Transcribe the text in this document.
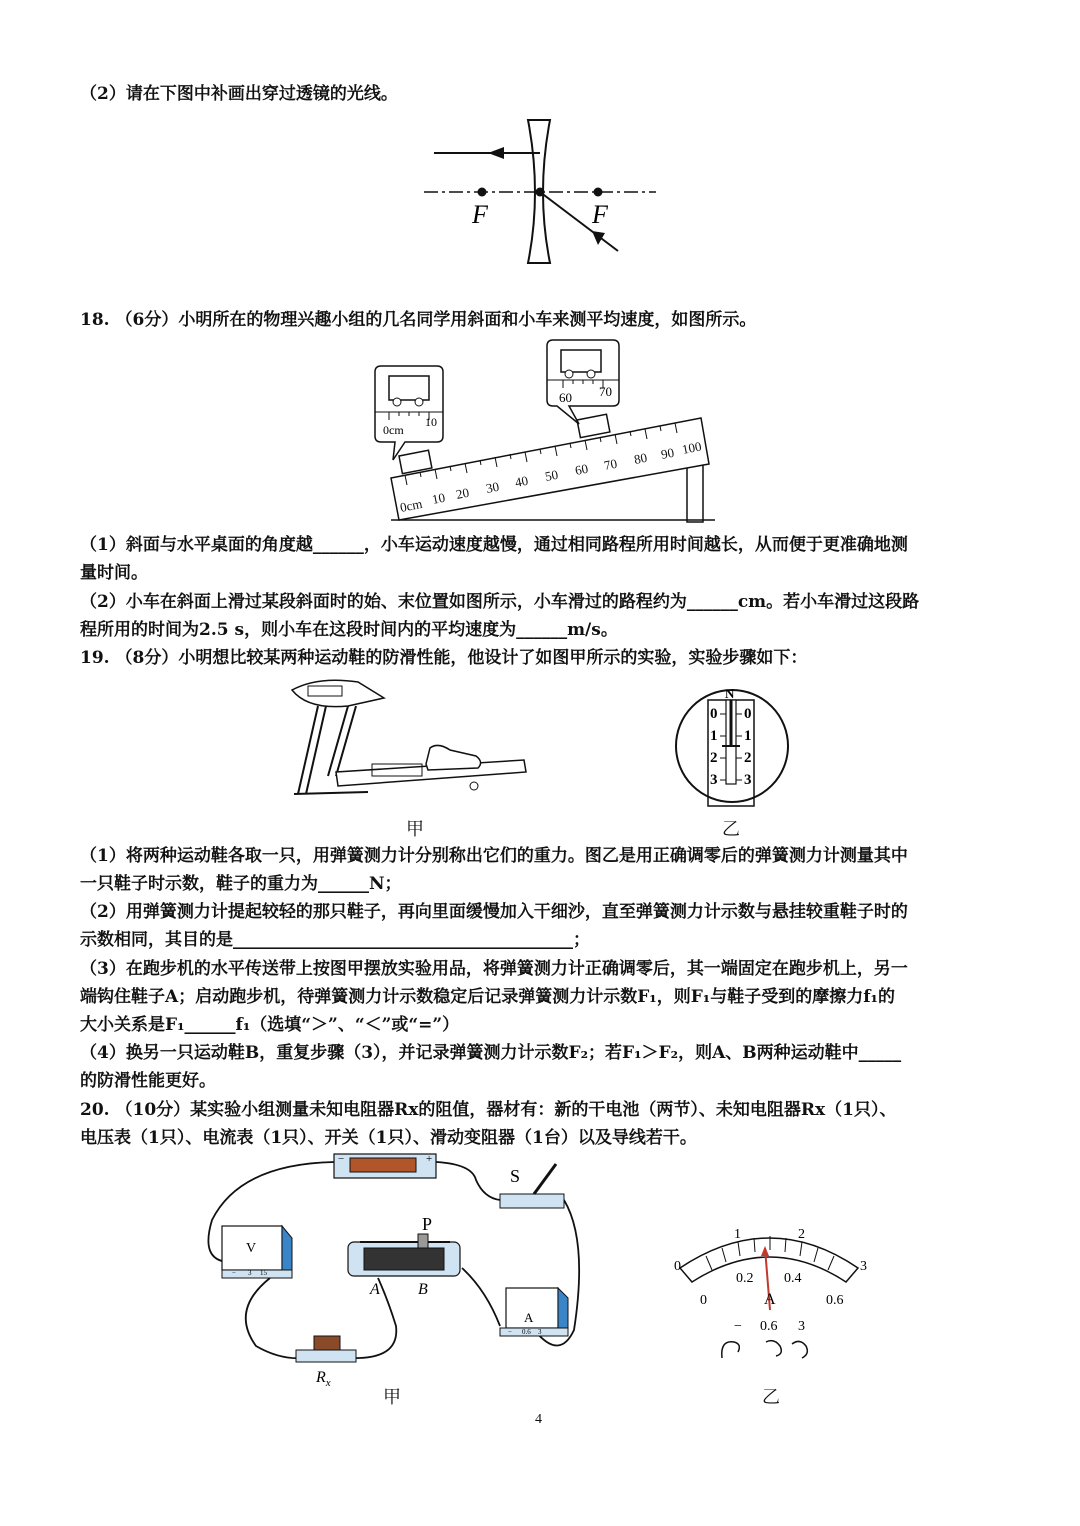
（2）请在下图中补画出穿过透镜的光线。
F	F
18. （6分）小明所在的物理兴趣小组的几名同学用斜面和小车来测平均速度，如图所示。
0cm 10 20 30 40 50 60 70 80 90 100
0cm
10
60 70
（1）斜面与水平桌面的角度越______，小车运动速度越慢，通过相同路程所用时间越长，从而便于更准确地测
量时间。
（2）小车在斜面上滑过某段斜面时的始、末位置如图所示，小车滑过的路程约为______cm。若小车滑过这段路
程所用的时间为2.5 s，则小车在这段时间内的平均速度为______m/s。
19. （8分）小明想比较某两种运动鞋的防滑性能，他设计了如图甲所示的实验，实验步骤如下：
N
0
1
2
3
0
1
2
3
甲	乙
（1）将两种运动鞋各取一只，用弹簧测力计分别称出它们的重力。图乙是用正确调零后的弹簧测力计测量其中
一只鞋子时示数，鞋子的重力为______N；
（2）用弹簧测力计提起较轻的那只鞋子，再向里面缓慢加入干细沙，直至弹簧测力计示数与悬挂较重鞋子时的
示数相同，其目的是________________________________________；
（3）在跑步机的水平传送带上按图甲摆放实验用品，将弹簧测力计正确调零后，其一端固定在跑步机上，另一
端钩住鞋子A；启动跑步机，待弹簧测力计示数稳定后记录弹簧测力计示数F₁，则F₁与鞋子受到的摩擦力f₁的
大小关系是F₁______f₁（选填“＞”、“＜”或“=”）
（4）换另一只运动鞋B，重复步骤（3），并记录弹簧测力计示数F₂；若F₁＞F₂，则A、B两种运动鞋中_____
的防滑性能更好。
20. （10分）某实验小组测量未知电阻器Rx的阻值，器材有：新的干电池（两节）、未知电阻器Rx（1只）、
电压表（1只）、电流表（1只）、开关（1只）、滑动变阻器（1台）以及导线若干。
−	+
S
V
− 3 15
P
A B
A
− 0.6 3
$R_x$
0
1	2
3
0
0.2 0.4
0.6
A
− 0.6 3
甲	乙
4
